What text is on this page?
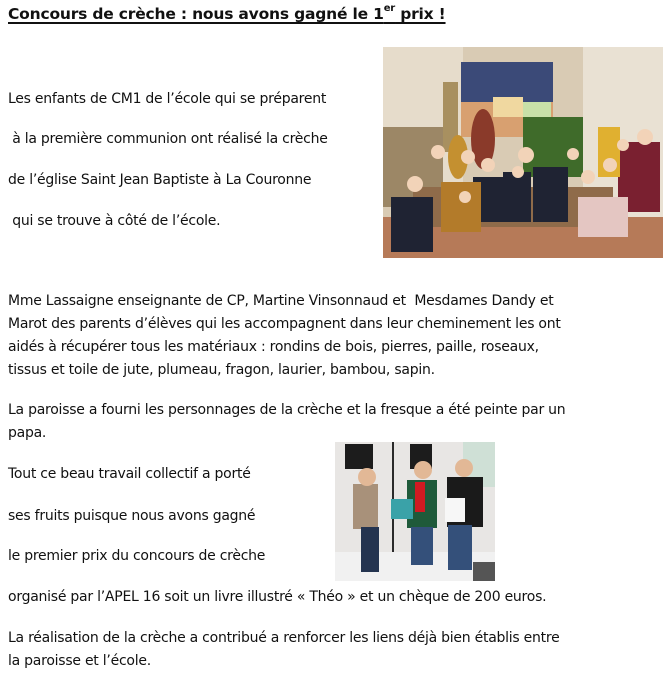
Concours de crèche : nous avons gagné le 1er prix !
Les enfants de CM1 de l’école qui se préparent
à la première communion ont réalisé la crèche
de l’église Saint Jean Baptiste à La Couronne
qui se trouve à côté de l’école.
Mme Lassaigne enseignante de CP, Martine Vinsonnaud et  Mesdames Dandy et
Marot des parents d’élèves qui les accompagnent dans leur cheminement les ont
aidés à récupérer tous les matériaux : rondins de bois, pierres, paille, roseaux,
tissus et toile de jute, plumeau, fragon, laurier, bambou, sapin.
La paroisse a fourni les personnages de la crèche et la fresque a été peinte par un
papa.
Tout ce beau travail collectif a porté
ses fruits puisque nous avons gagné
le premier prix du concours de crèche
organisé par l’APEL 16 soit un livre illustré « Théo » et un chèque de 200 euros.
La réalisation de la crèche a contribué a renforcer les liens déjà bien établis entre
la paroisse et l’école.
